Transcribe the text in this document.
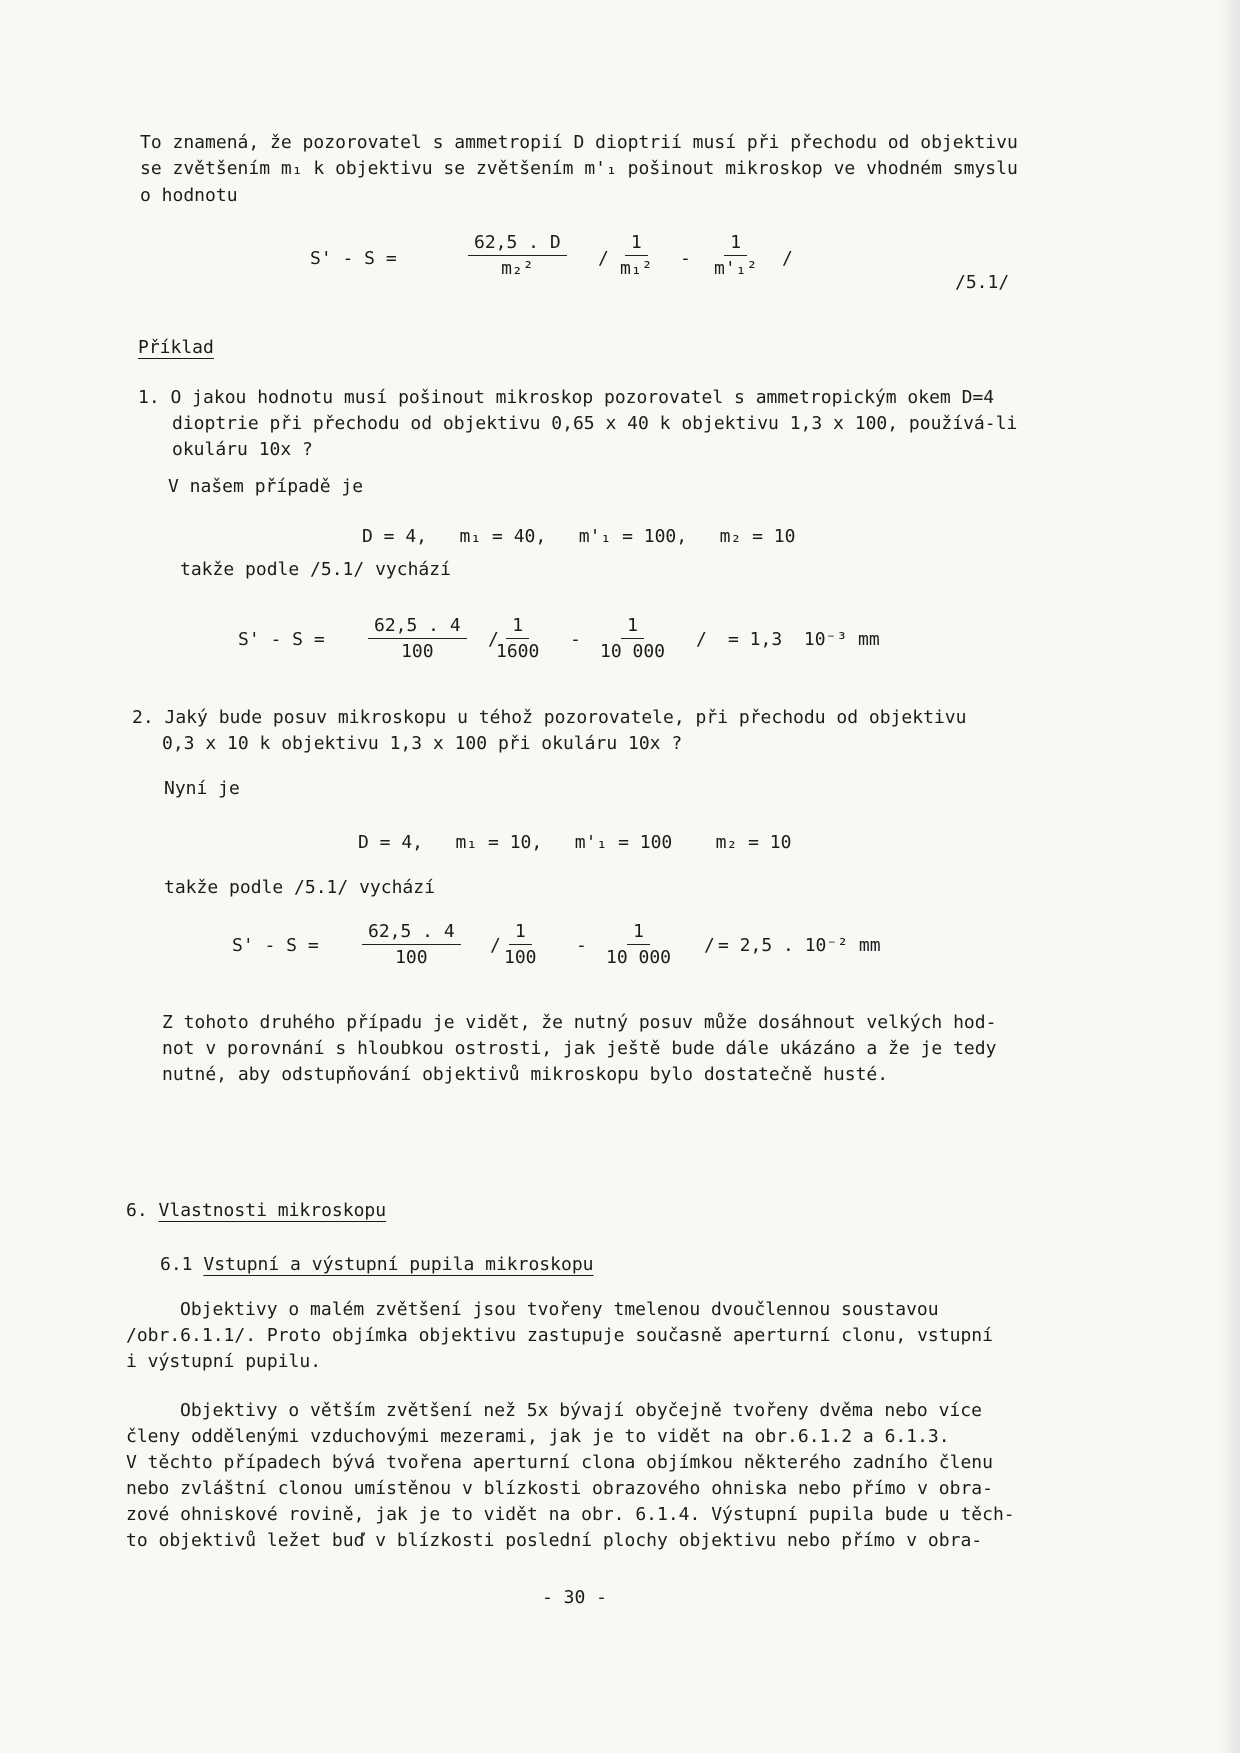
To znamená, že pozorovatel s ammetropií D dioptrií musí při přechodu od objektivu
se zvětšením m₁ k objektivu se zvětšením m'₁ pošinout mikroskop ve vhodném smyslu
o hodnotu
S' - S =	$\frac{62,5 . D}{\text{m₂²}} / \frac{1}{\text{m₁²}} - \frac{1}{\text{m'₁²}}$ /
/5.1/
Příklad
1. O jakou hodnotu musí pošinout mikroskop pozorovatel s ammetropickým okem D=4
dioptrie při přechodu od objektivu 0,65 x 40 k objektivu 1,3 x 100, používá-li
okuláru 10x ?
V našem případě je
D = 4,   m₁ = 40,   m'₁ = 100,   m₂ = 10
takže podle /5.1/ vychází
$S' - S = \frac{62,5 . 4}{100}$ /
$\frac{1}{1600} - \frac{1}{10 000}$ / = 1,3  10⁻³ mm
2. Jaký bude posuv mikroskopu u téhož pozorovatele, při přechodu od objektivu
0,3 x 10 k objektivu 1,3 x 100 při okuláru 10x ?
Nyní je
D = 4,   m₁ = 10,   m'₁ = 100    m₂ = 10
takže podle /5.1/ vychází
$S' - S = \frac{62,5 . 4}{100} / \frac{1}{100} - \frac{1}{10 000}$ / = 2,5 . 10⁻² mm
Z tohoto druhého případu je vidět, že nutný posuv může dosáhnout velkých hod-
not v porovnání s hloubkou ostrosti, jak ještě bude dále ukázáno a že je tedy
nutné, aby odstupňování objektivů mikroskopu bylo dostatečně husté.
6. Vlastnosti mikroskopu
6.1 Vstupní a výstupní pupila mikroskopu
Objektivy o malém zvětšení jsou tvořeny tmelenou dvoučlennou soustavou
/obr.6.1.1/. Proto objímka objektivu zastupuje současně aperturní clonu, vstupní
i výstupní pupilu.
Objektivy o větším zvětšení než 5x bývají obyčejně tvořeny dvěma nebo více
členy oddělenými vzduchovými mezerami, jak je to vidět na obr.6.1.2 a 6.1.3.
V těchto případech bývá tvořena aperturní clona objímkou některého zadního členu
nebo zvláštní clonou umístěnou v blízkosti obrazového ohniska nebo přímo v obra-
zové ohniskové rovině, jak je to vidět na obr. 6.1.4. Výstupní pupila bude u těch-
to objektivů ležet buď v blízkosti poslední plochy objektivu nebo přímo v obra-
- 30 -
